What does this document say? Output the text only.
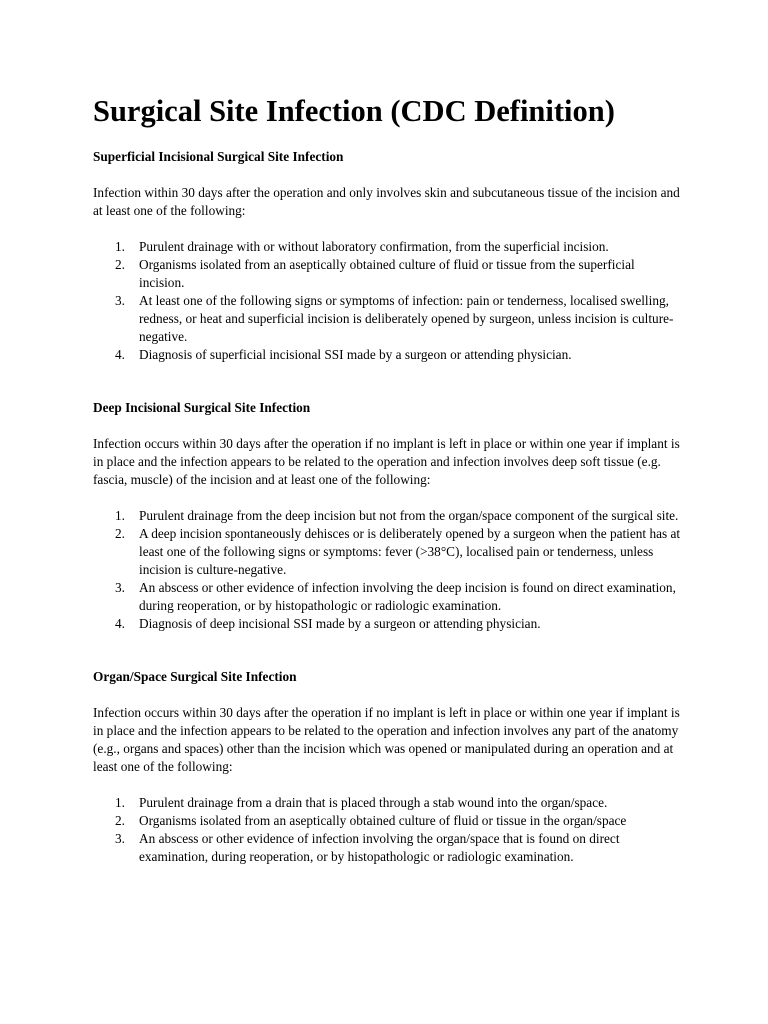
Surgical Site Infection (CDC Definition)
Superficial Incisional Surgical Site Infection

Infection within 30 days after the operation and only involves skin and subcutaneous tissue of the incision and at least one of the following:

1. Purulent drainage with or without laboratory confirmation, from the superficial incision.
2. Organisms isolated from an aseptically obtained culture of fluid or tissue from the superficial incision.
3. At least one of the following signs or symptoms of infection: pain or tenderness, localised swelling, redness, or heat and superficial incision is deliberately opened by surgeon, unless incision is culture-negative.
4. Diagnosis of superficial incisional SSI made by a surgeon or attending physician.
Deep Incisional Surgical Site Infection

Infection occurs within 30 days after the operation if no implant is left in place or within one year if implant is in place and the infection appears to be related to the operation and infection involves deep soft tissue (e.g. fascia, muscle) of the incision and at least one of the following:

1. Purulent drainage from the deep incision but not from the organ/space component of the surgical site.
2. A deep incision spontaneously dehisces or is deliberately opened by a surgeon when the patient has at least one of the following signs or symptoms: fever (>38°C), localised pain or tenderness, unless incision is culture-negative.
3. An abscess or other evidence of infection involving the deep incision is found on direct examination, during reoperation, or by histopathologic or radiologic examination.
4. Diagnosis of deep incisional SSI made by a surgeon or attending physician.
Organ/Space Surgical Site Infection

Infection occurs within 30 days after the operation if no implant is left in place or within one year if implant is in place and the infection appears to be related to the operation and infection involves any part of the anatomy (e.g., organs and spaces) other than the incision which was opened or manipulated during an operation and at least one of the following:

1. Purulent drainage from a drain that is placed through a stab wound into the organ/space.
2. Organisms isolated from an aseptically obtained culture of fluid or tissue in the organ/space
3. An abscess or other evidence of infection involving the organ/space that is found on direct examination, during reoperation, or by histopathologic or radiologic examination.
